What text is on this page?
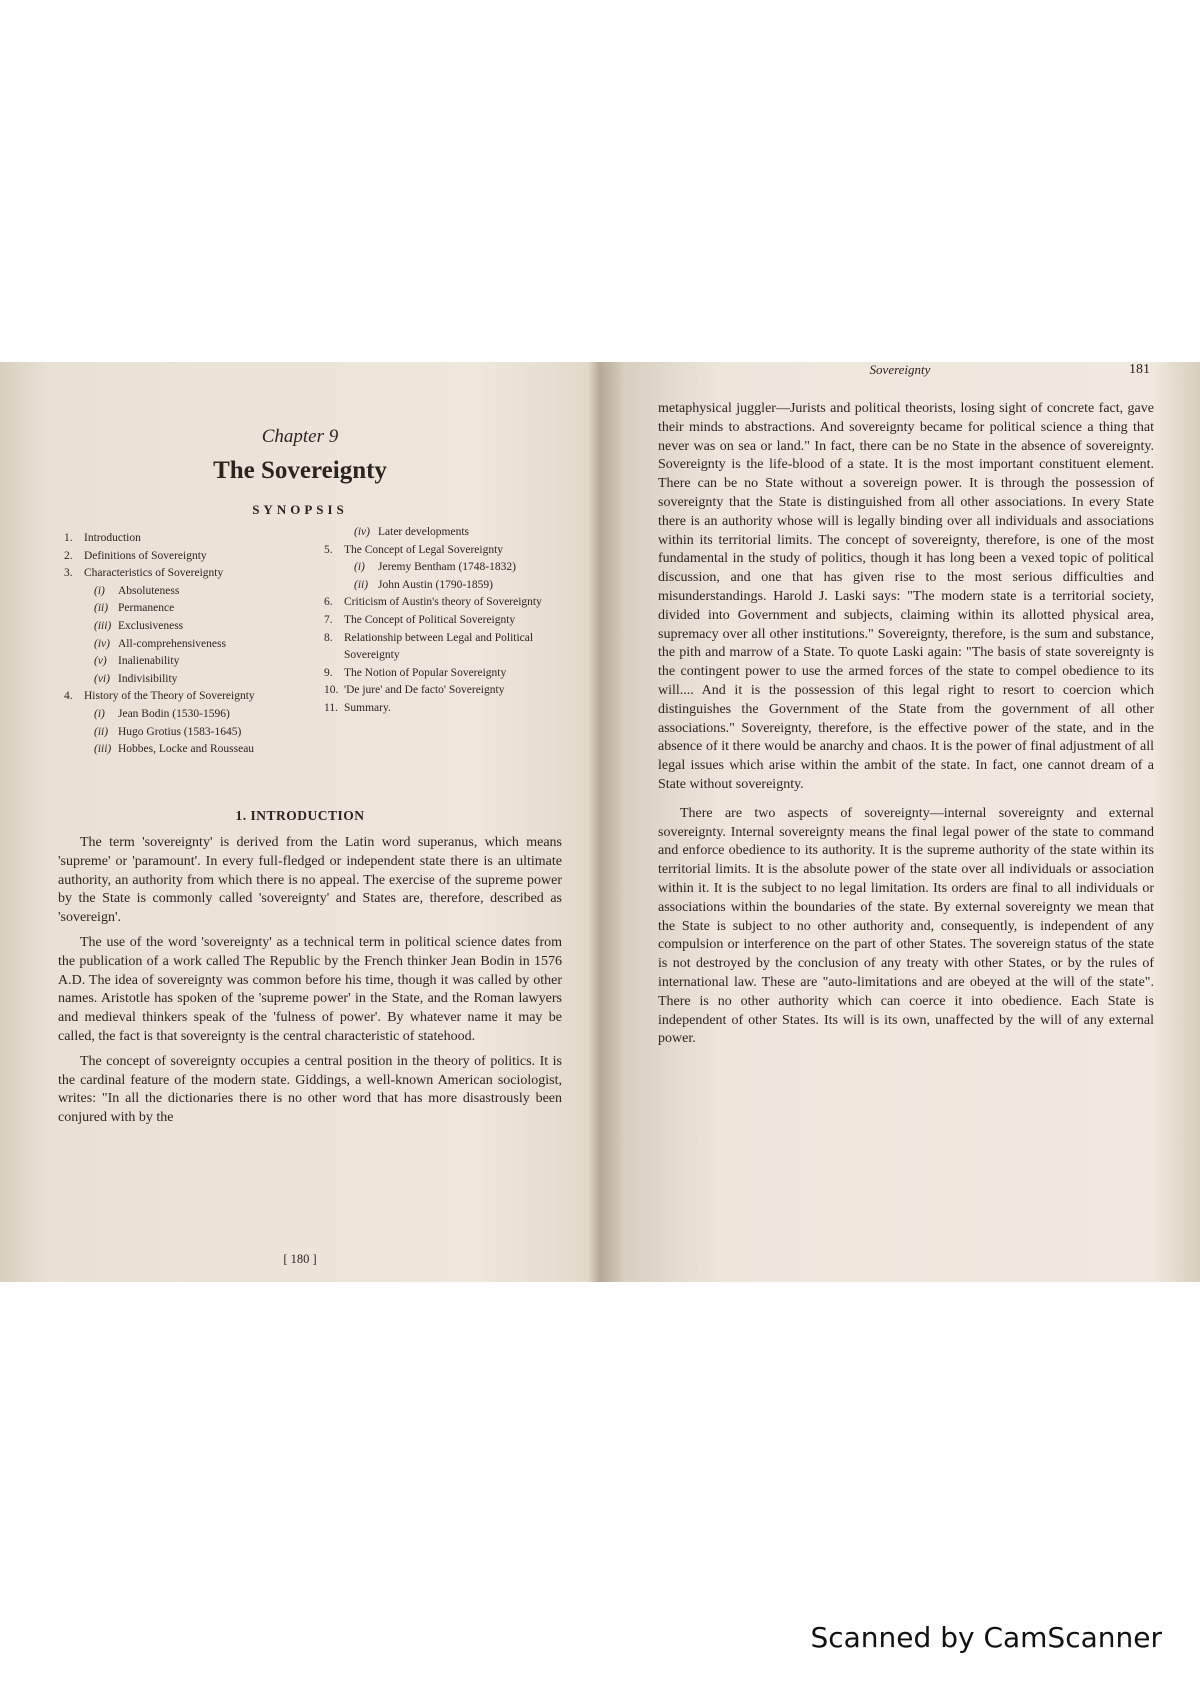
Chapter 9
The Sovereignty
SYNOPSIS
1. Introduction
2. Definitions of Sovereignty
3. Characteristics of Sovereignty
(i)	Absoluteness
(ii) Permanence
(iii) Exclusiveness
(iv) All-comprehensiveness
(v) Inalienability
(vi) Indivisibility
4. History of the Theory of Sovereignty
(i)	Jean Bodin (1530-1596)
(ii) Hugo Grotius (1583-1645)
(iii) Hobbes, Locke and Rousseau
(iv) Later developments
5. The Concept of Legal Sovereignty
(i)	Jeremy Bentham (1748-1832)
(ii) John Austin (1790-1859)
6. Criticism of Austin's theory of Sovereignty
7. The Concept of Political Sovereignty
8. Relationship between Legal and Political Sovereignty
9. The Notion of Popular Sovereignty
10. 'De jure' and De facto' Sovereignty
11. Summary.
1. INTRODUCTION

The term 'sovereignty' is derived from the Latin word superanus, which means 'supreme' or 'paramount'. In every full-fledged or independent state there is an ultimate authority, an authority from which there is no appeal. The exercise of the supreme power by the State is commonly called 'sovereignty' and States are, therefore, described as 'sovereign'.

The use of the word 'sovereignty' as a technical term in political science dates from the publication of a work called The Republic by the French thinker Jean Bodin in 1576 A.D. The idea of sovereignty was common before his time, though it was called by other names. Aristotle has spoken of the 'supreme power' in the State, and the Roman lawyers and medieval thinkers speak of the 'fulness of power'. By whatever name it may be called, the fact is that sovereignty is the central characteristic of statehood.

The concept of sovereignty occupies a central position in the theory of politics. It is the cardinal feature of the modern state. Giddings, a well-known American sociologist, writes: "In all the dictionaries there is no other word that has more disastrously been conjured with by the

[ 180 ]
Sovereignty	181

metaphysical juggler—Jurists and political theorists, losing sight of concrete fact, gave their minds to abstractions. And sovereignty became for political science a thing that never was on sea or land." In fact, there can be no State in the absence of sovereignty. Sovereignty is the life-blood of a state. It is the most important constituent element. There can be no State without a sovereign power. It is through the possession of sovereignty that the State is distinguished from all other associations. In every State there is an authority whose will is legally binding over all individuals and associations within its territorial limits. The concept of sovereignty, therefore, is one of the most fundamental in the study of politics, though it has long been a vexed topic of political discussion, and one that has given rise to the most serious difficulties and misunderstandings. Harold J. Laski says: "The modern state is a territorial society, divided into Government and subjects, claiming within its allotted physical area, supremacy over all other institutions." Sovereignty, therefore, is the sum and substance, the pith and marrow of a State. To quote Laski again: "The basis of state sovereignty is the contingent power to use the armed forces of the state to compel obedience to its will.... And it is the possession of this legal right to resort to coercion which distinguishes the Government of the State from the government of all other associations." Sovereignty, therefore, is the effective power of the state, and in the absence of it there would be anarchy and chaos. It is the power of final adjustment of all legal issues which arise within the ambit of the state. In fact, one cannot dream of a State without sovereignty.

There are two aspects of sovereignty—internal sovereignty and external sovereignty. Internal sovereignty means the final legal power of the state to command and enforce obedience to its authority. It is the supreme authority of the state within its territorial limits. It is the absolute power of the state over all individuals or association within it. It is the subject to no legal limitation. Its orders are final to all individuals or associations within the boundaries of the state. By external sovereignty we mean that the State is subject to no other authority and, consequently, is independent of any compulsion or interference on the part of other States. The sovereign status of the state is not destroyed by the conclusion of any treaty with other States, or by the rules of international law. These are "auto-limitations and are obeyed at the will of the state". There is no other authority which can coerce it into obedience. Each State is independent of other States. Its will is its own, unaffected by the will of any external power.

Scanned by CamScanner
